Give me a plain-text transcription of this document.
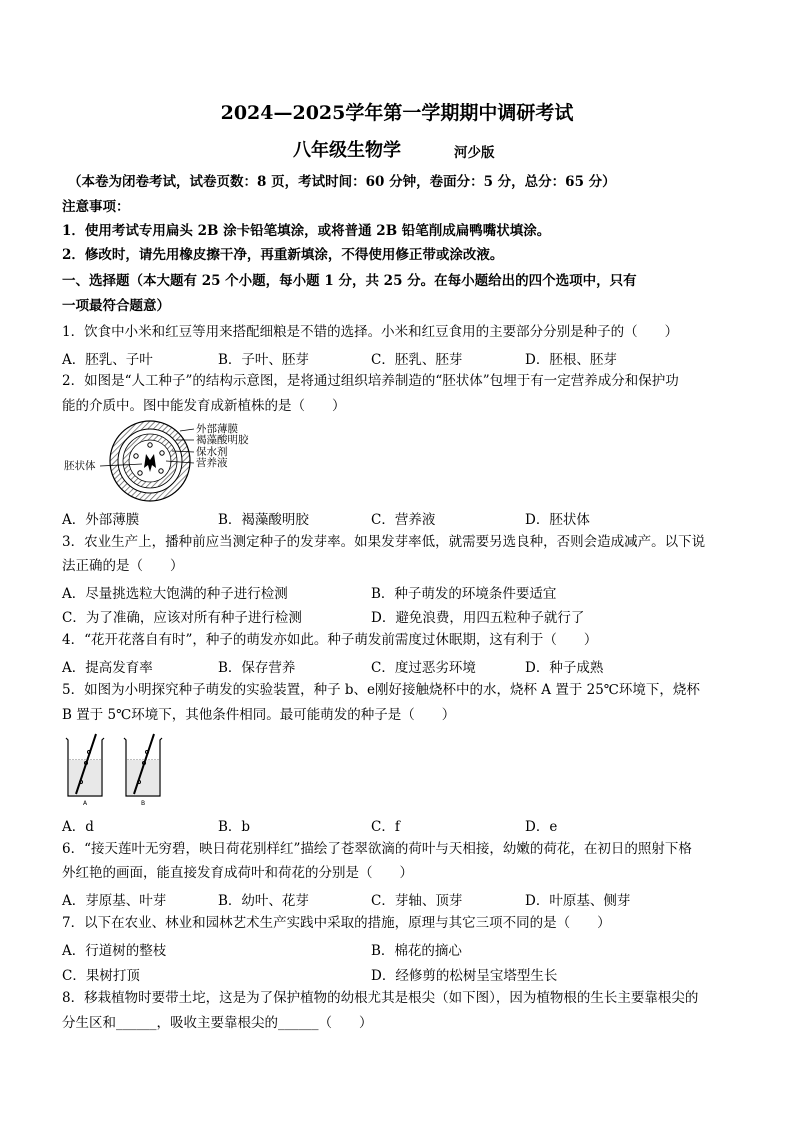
2024—2025学年第一学期期中调研考试
八年级生物学	河少版
（本卷为闭卷考试，试卷页数：8 页，考试时间：60 分钟，卷面分：5 分，总分：65 分）
注意事项：
1．使用考试专用扁头 2B 涂卡铅笔填涂，或将普通 2B 铅笔削成扁鸭嘴状填涂。
2．修改时，请先用橡皮擦干净，再重新填涂，不得使用修正带或涂改液。
一、选择题（本大题有 25 个小题，每小题 1 分，共 25 分。在每小题给出的四个选项中，只有
一项最符合题意）
1．饮食中小米和红豆等用来搭配细粮是不错的选择。小米和红豆食用的主要部分分别是种子的（　　）
A．胚乳、子叶	B．子叶、胚芽	C．胚乳、胚芽	D．胚根、胚芽
2．如图是“人工种子”的结构示意图，是将通过组织培养制造的“胚状体”包埋于有一定营养成分和保护功
能的介质中。图中能发育成新植株的是（　　）
外部薄膜
褐藻酸明胶
保水剂
营养液
胚状体
A．外部薄膜	B．褐藻酸明胶	C．营养液	D．胚状体
3．农业生产上，播种前应当测定种子的发芽率。如果发芽率低，就需要另选良种，否则会造成减产。以下说
法正确的是（　　）
A．尽量挑选粒大饱满的种子进行检测	B．种子萌发的环境条件要适宜
C．为了准确，应该对所有种子进行检测	D．避免浪费，用四五粒种子就行了
4．“花开花落自有时”，种子的萌发亦如此。种子萌发前需度过休眠期，这有利于（　　）
A．提高发育率	B．保存营养	C．度过恶劣环境	D．种子成熟
5．如图为小明探究种子萌发的实验装置，种子 b、e刚好接触烧杯中的水，烧杯 A 置于 25℃环境下，烧杯
B 置于 5℃环境下，其他条件相同。最可能萌发的种子是（　　）
A	B
A．d	B．b	C．f	D．e
6．“接天莲叶无穷碧，映日荷花别样红”描绘了苍翠欲滴的荷叶与天相接，幼嫩的荷花，在初日的照射下格
外红艳的画面，能直接发育成荷叶和荷花的分别是（　　）
A．芽原基、叶芽	B．幼叶、花芽	C．芽轴、顶芽	D．叶原基、侧芽
7．以下在农业、林业和园林艺术生产实践中采取的措施，原理与其它三项不同的是（　　）
A．行道树的整枝	B．棉花的摘心
C．果树打顶	D．经修剪的松树呈宝塔型生长
8．移栽植物时要带土坨，这是为了保护植物的幼根尤其是根尖（如下图），因为植物根的生长主要靠根尖的
分生区和______，吸收主要靠根尖的______（　　）
